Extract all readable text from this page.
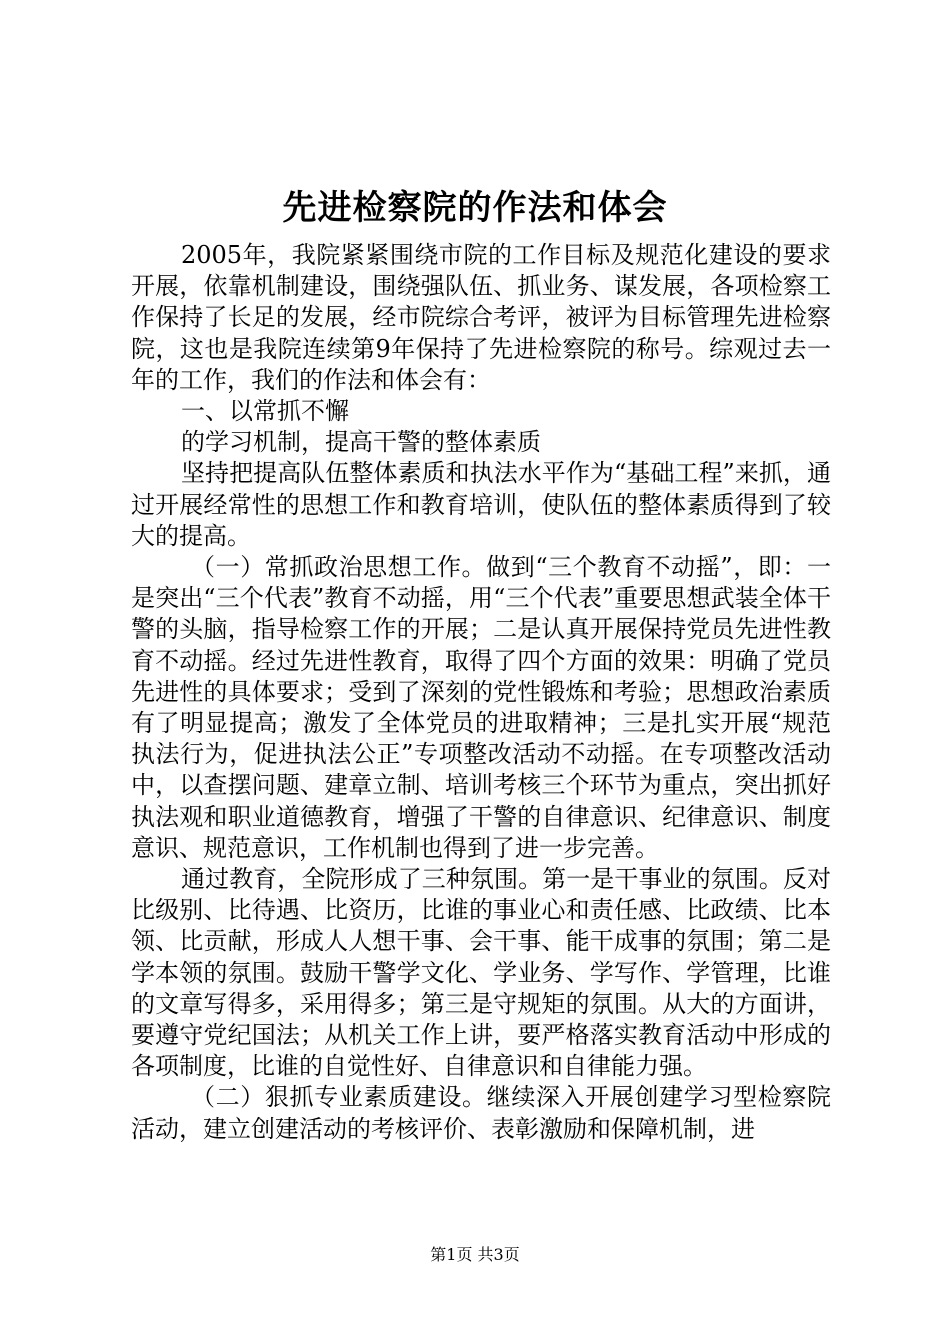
先进检察院的作法和体会

2005年，我院紧紧围绕市院的工作目标及规范化建设的要求开展，依靠机制建设，围绕强队伍、抓业务、谋发展，各项检察工作保持了长足的发展，经市院综合考评，被评为目标管理先进检察院，这也是我院连续第9年保持了先进检察院的称号。综观过去一年的工作，我们的作法和体会有：

一、以常抓不懈

的学习机制，提高干警的整体素质

坚持把提高队伍整体素质和执法水平作为“基础工程”来抓，通过开展经常性的思想工作和教育培训，使队伍的整体素质得到了较大的提高。

（一）常抓政治思想工作。做到“三个教育不动摇”，即：一是突出“三个代表”教育不动摇，用“三个代表”重要思想武装全体干警的头脑，指导检察工作的开展；二是认真开展保持党员先进性教育不动摇。经过先进性教育，取得了四个方面的效果：明确了党员先进性的具体要求；受到了深刻的党性锻炼和考验；思想政治素质有了明显提高；激发了全体党员的进取精神；三是扎实开展“规范执法行为，促进执法公正”专项整改活动不动摇。在专项整改活动中，以查摆问题、建章立制、培训考核三个环节为重点，突出抓好执法观和职业道德教育，增强了干警的自律意识、纪律意识、制度意识、规范意识，工作机制也得到了进一步完善。

通过教育，全院形成了三种氛围。第一是干事业的氛围。反对比级别、比待遇、比资历，比谁的事业心和责任感、比政绩、比本领、比贡献，形成人人想干事、会干事、能干成事的氛围；第二是学本领的氛围。鼓励干警学文化、学业务、学写作、学管理，比谁的文章写得多，采用得多；第三是守规矩的氛围。从大的方面讲，要遵守党纪国法；从机关工作上讲，要严格落实教育活动中形成的各项制度，比谁的自觉性好、自律意识和自律能力强。

（二）狠抓专业素质建设。继续深入开展创建学习型检察院活动，建立创建活动的考核评价、表彰激励和保障机制，进

第1页 共3页
